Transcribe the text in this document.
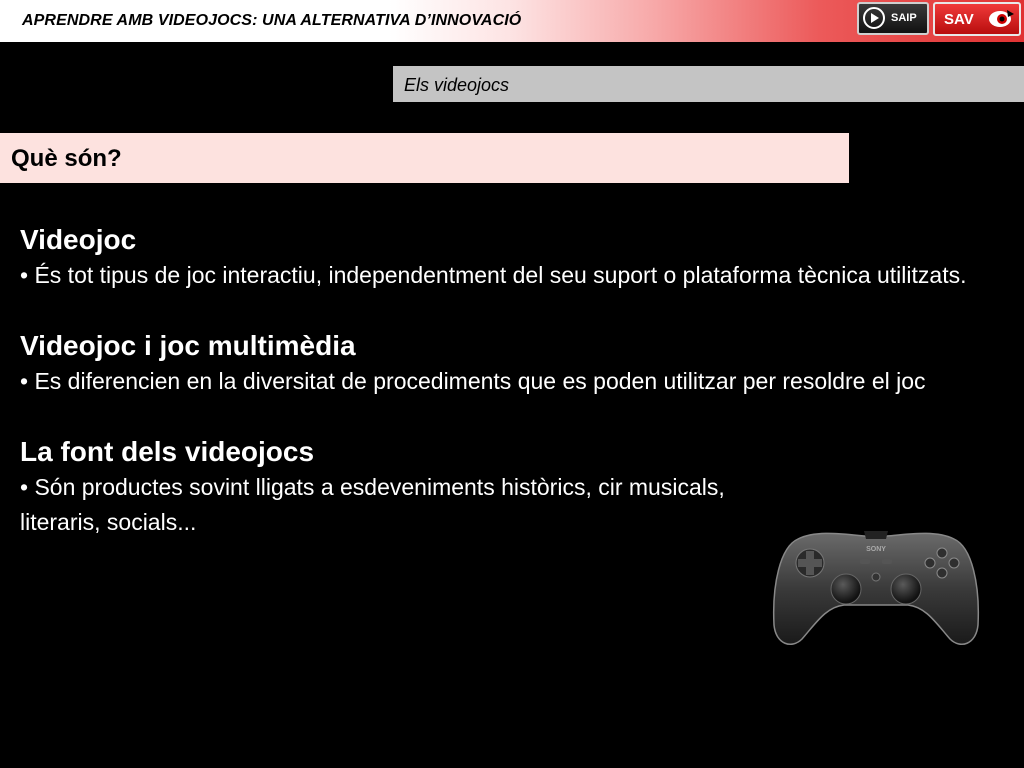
APRENDRE AMB VIDEOJOCS: UNA ALTERNATIVA D’INNOVACIÓ	SAIP SAV
Els videojocs
Què són?
Videojoc

• És tot tipus de joc interactiu, independentment del seu suport o plataforma tècnica utilitzats.

Videojoc i joc multimèdia

• Es diferencien en la diversitat de procediments que es poden utilitzar per resoldre el joc

La font dels videojocs

• Són productes sovint lligats a esdeveniments històrics, cir musicals, literaris, socials...

SONY
